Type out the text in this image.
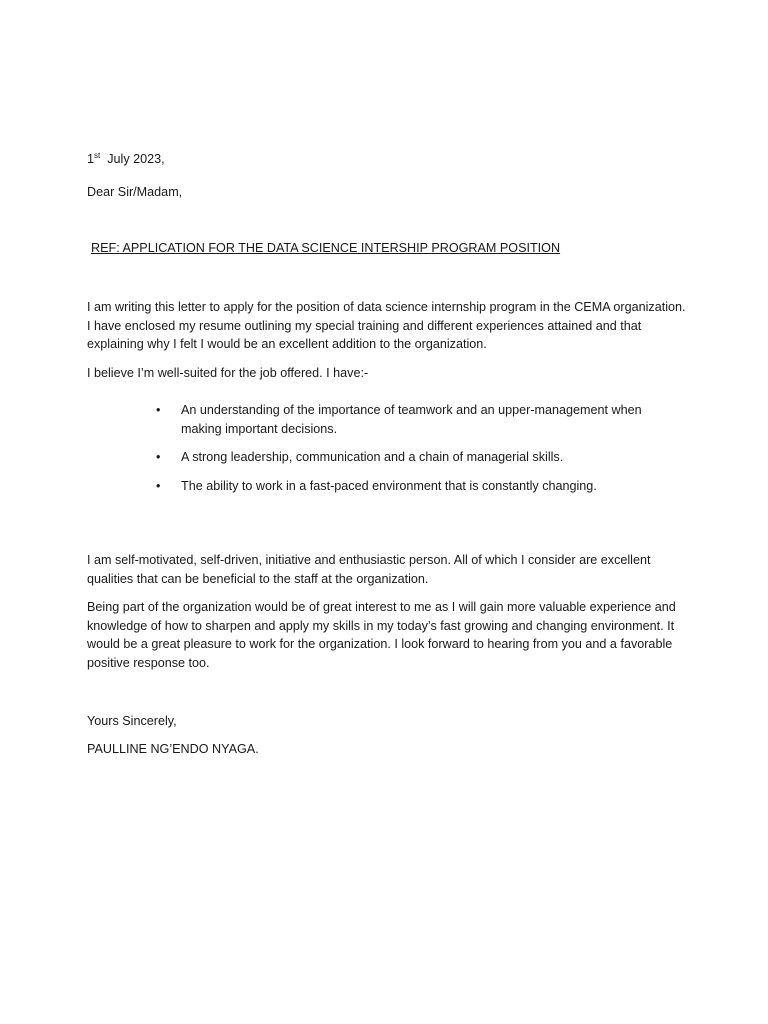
1st July 2023,

Dear Sir/Madam,

REF: APPLICATION FOR THE DATA SCIENCE INTERSHIP PROGRAM POSITION

I am writing this letter to apply for the position of data science internship program in the CEMA organization. I have enclosed my resume outlining my special training and different experiences attained and that explaining why I felt I would be an excellent addition to the organization.

I believe I’m well-suited for the job offered. I have:-

• An understanding of the importance of teamwork and an upper-management when making important decisions.
• A strong leadership, communication and a chain of managerial skills.
• The ability to work in a fast-paced environment that is constantly changing.

I am self-motivated, self-driven, initiative and enthusiastic person. All of which I consider are excellent qualities that can be beneficial to the staff at the organization.

Being part of the organization would be of great interest to me as I will gain more valuable experience and knowledge of how to sharpen and apply my skills in my today’s fast growing and changing environment. It would be a great pleasure to work for the organization. I look forward to hearing from you and a favorable positive response too.

Yours Sincerely,

PAULLINE NG’ENDO NYAGA.
